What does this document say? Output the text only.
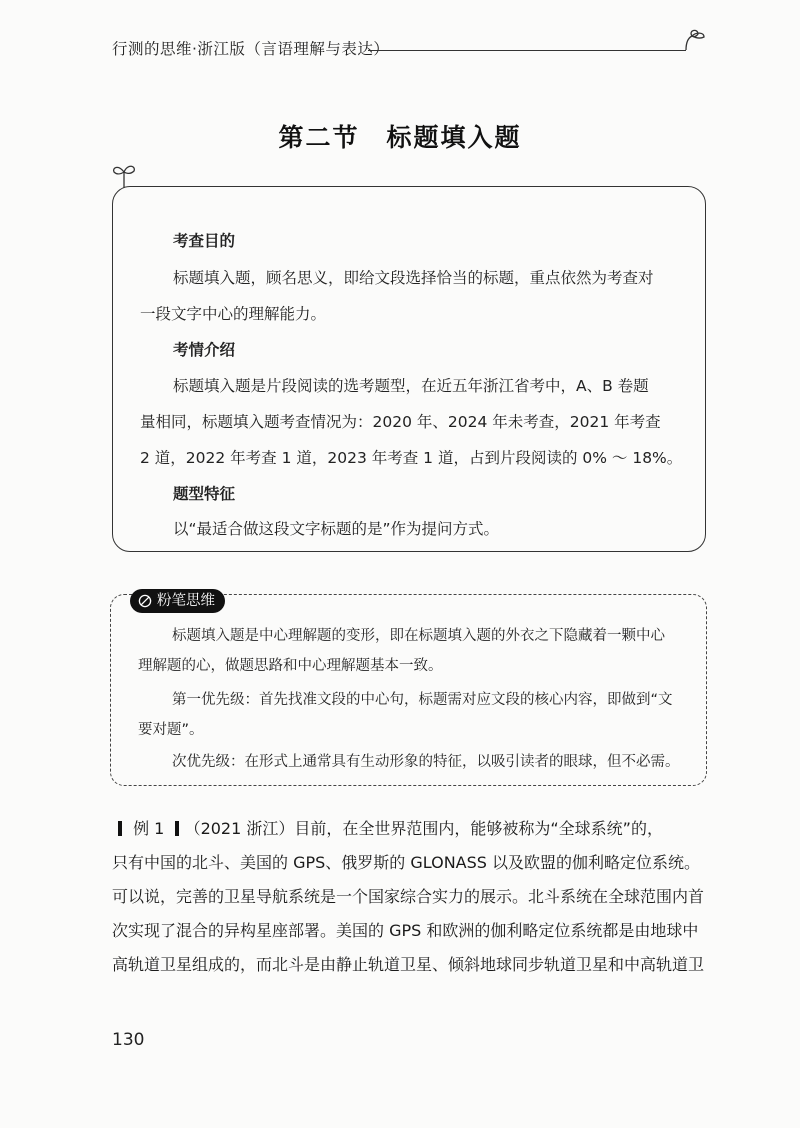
行测的思维·浙江版（言语理解与表达）
第二节　标题填入题
考查目的
标题填入题，顾名思义，即给文段选择恰当的标题，重点依然为考查对
一段文字中心的理解能力。
考情介绍
标题填入题是片段阅读的选考题型，在近五年浙江省考中，A、B 卷题
量相同，标题填入题考查情况为：2020 年、2024 年未考查，2021 年考查
2 道，2022 年考查 1 道，2023 年考查 1 道，占到片段阅读的 0% ～ 18%。
题型特征
以“最适合做这段文字标题的是”作为提问方式。
粉笔思维
标题填入题是中心理解题的变形，即在标题填入题的外衣之下隐藏着一颗中心
理解题的心，做题思路和中心理解题基本一致。
第一优先级：首先找准文段的中心句，标题需对应文段的核心内容，即做到“文
要对题”。
次优先级：在形式上通常具有生动形象的特征，以吸引读者的眼球，但不必需。
例 1 （2021 浙江）目前，在全世界范围内，能够被称为“全球系统”的，
只有中国的北斗、美国的 GPS、俄罗斯的 GLONASS 以及欧盟的伽利略定位系统。
可以说，完善的卫星导航系统是一个国家综合实力的展示。北斗系统在全球范围内首
次实现了混合的异构星座部署。美国的 GPS 和欧洲的伽利略定位系统都是由地球中
高轨道卫星组成的，而北斗是由静止轨道卫星、倾斜地球同步轨道卫星和中高轨道卫
130
